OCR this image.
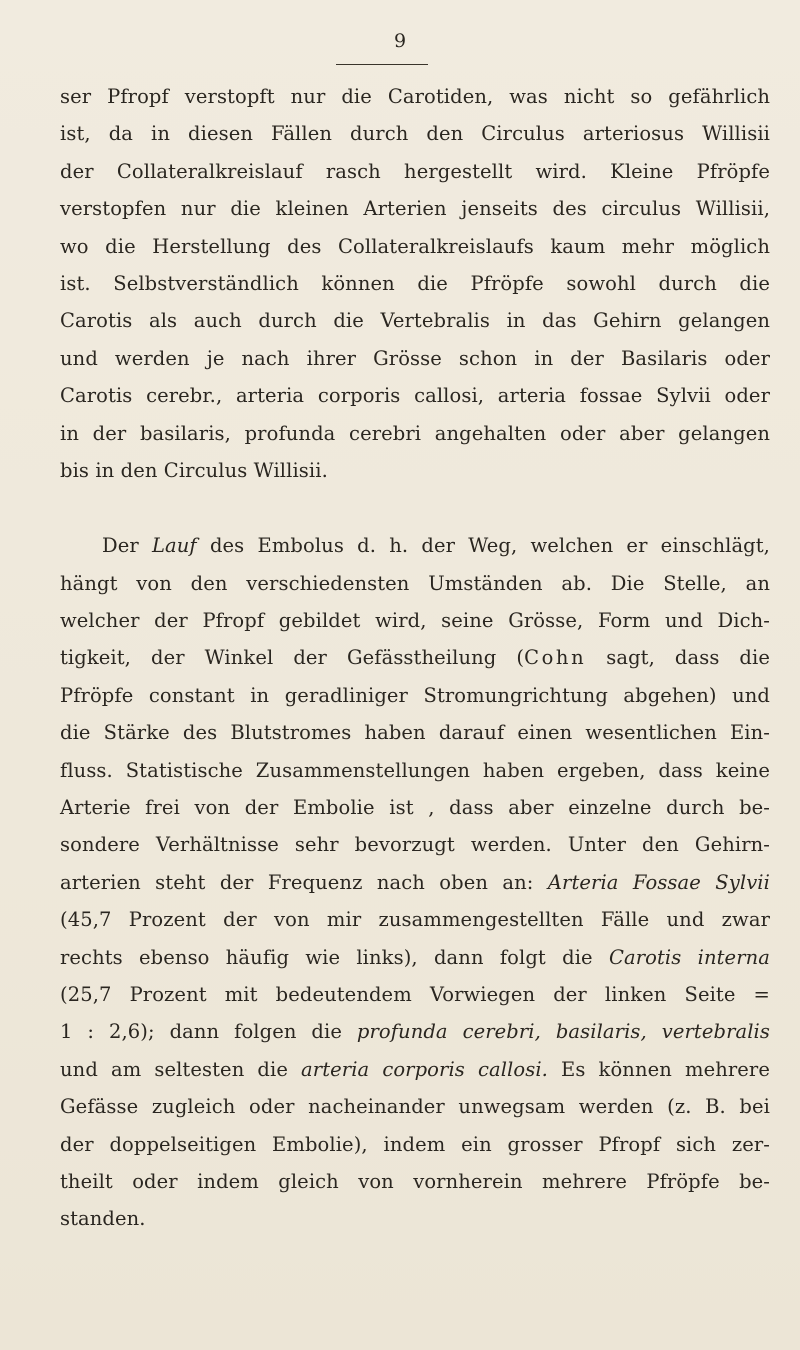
9
ser Pfropf verstopft nur die Carotiden, was nicht so gefährlich
ist, da in diesen Fällen durch den Circulus arteriosus Willisii
der Collateralkreislauf rasch hergestellt wird. Kleine Pfröpfe
verstopfen nur die kleinen Arterien jenseits des circulus Willisii,
wo die Herstellung des Collateralkreislaufs kaum mehr möglich
ist. Selbstverständlich können die Pfröpfe sowohl durch die
Carotis als auch durch die Vertebralis in das Gehirn gelangen
und werden je nach ihrer Grösse schon in der Basilaris oder
Carotis cerebr., arteria corporis callosi, arteria fossae Sylvii oder
in der basilaris, profunda cerebri angehalten oder aber gelangen
bis in den Circulus Willisii.
Der Lauf des Embolus d. h. der Weg, welchen er einschlägt,
hängt von den verschiedensten Umständen ab. Die Stelle, an
welcher der Pfropf gebildet wird, seine Grösse, Form und Dich-
tigkeit, der Winkel der Gefässtheilung (Cohn sagt, dass die
Pfröpfe constant in geradliniger Stromungrichtung abgehen) und
die Stärke des Blutstromes haben darauf einen wesentlichen Ein-
fluss. Statistische Zusammenstellungen haben ergeben, dass keine
Arterie frei von der Embolie ist , dass aber einzelne durch be-
sondere Verhältnisse sehr bevorzugt werden. Unter den Gehirn-
arterien steht der Frequenz nach oben an: Arteria Fossae Sylvii
(45,7 Prozent der von mir zusammengestellten Fälle und zwar
rechts ebenso häufig wie links), dann folgt die Carotis interna
(25,7 Prozent mit bedeutendem Vorwiegen der linken Seite =
1 : 2,6); dann folgen die profunda cerebri, basilaris, vertebralis
und am seltesten die arteria corporis callosi. Es können mehrere
Gefässe zugleich oder nacheinander unwegsam werden (z. B. bei
der doppelseitigen Embolie), indem ein grosser Pfropf sich zer-
theilt oder indem gleich von vornherein mehrere Pfröpfe be-
standen.
